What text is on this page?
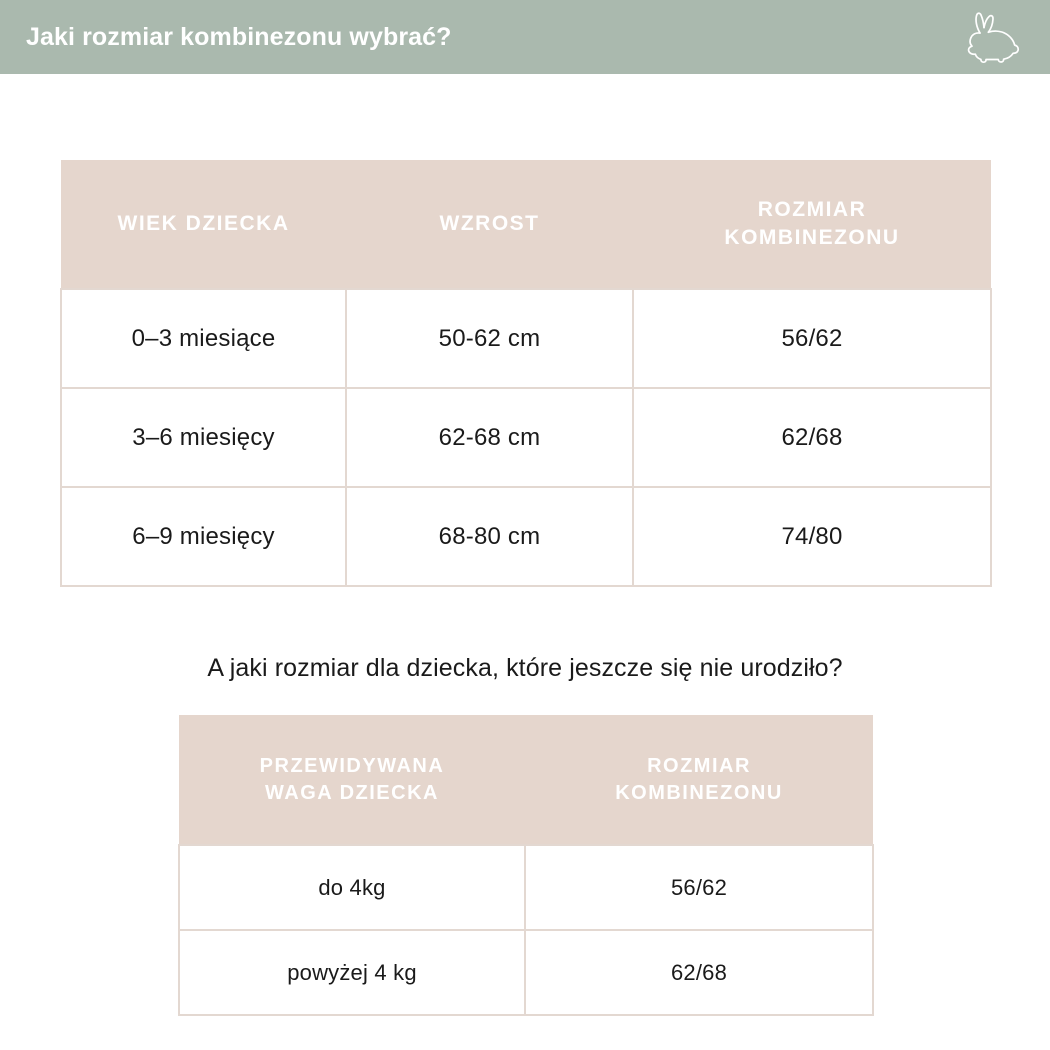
Jaki rozmiar kombinezonu wybrać?
WIEK DZIECKA	WZROST	ROZMIAR
KOMBINEZONU

0–3 miesiące	50-62 cm	56/62
3–6 miesięcy	62-68 cm	62/68
6–9 miesięcy	68-80 cm	74/80
A jaki rozmiar dla dziecka, które jeszcze się nie urodziło?
PRZEWIDYWANA
WAGA DZIECKA	ROZMIAR
KOMBINEZONU

do 4kg	56/62
powyżej 4 kg	62/68
